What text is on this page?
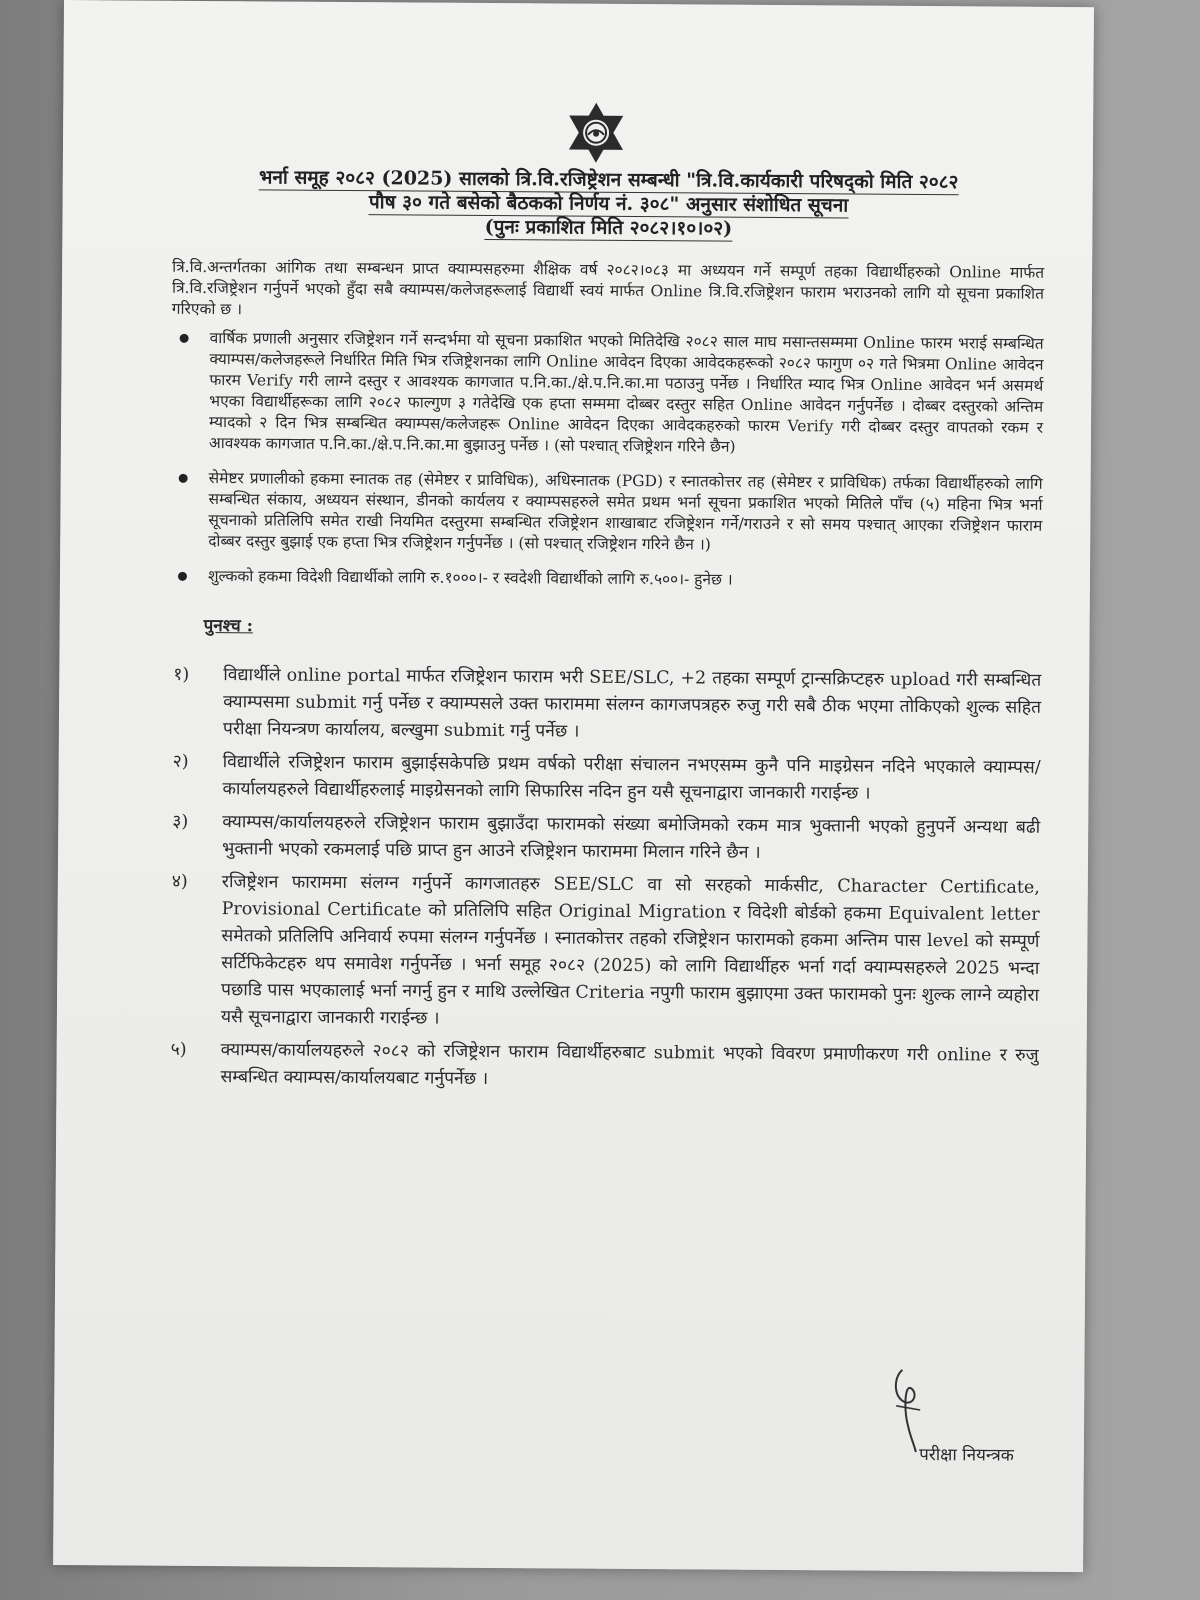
भर्ना समूह २०८२ (2025) सालको त्रि.वि.रजिष्ट्रेशन सम्बन्धी "त्रि.वि.कार्यकारी परिषद्को मिति २०८२
पौष ३० गते बसेको बैठकको निर्णय नं. ३०८" अनुसार संशोधित सूचना
(पुनः प्रकाशित मिति २०८२।१०।०२)
त्रि.वि.अन्तर्गतका आंगिक तथा सम्बन्धन प्राप्त क्याम्पसहरुमा शैक्षिक वर्ष २०८२।०८३ मा अध्ययन गर्ने सम्पूर्ण तहका विद्यार्थीहरुको Online मार्फत त्रि.वि.रजिष्ट्रेशन गर्नुपर्ने भएको हुँदा सबै क्याम्पस/कलेजहरूलाई विद्यार्थी स्वयं मार्फत Online त्रि.वि.रजिष्ट्रेशन फाराम भराउनको लागि यो सूचना प्रकाशित गरिएको छ ।
वार्षिक प्रणाली अनुसार रजिष्ट्रेशन गर्ने सन्दर्भमा यो सूचना प्रकाशित भएको मितिदेखि २०८२ साल माघ मसान्तसम्ममा Online फारम भराई सम्बन्धित क्याम्पस/कलेजहरूले निर्धारित मिति भित्र रजिष्ट्रेशनका लागि Online आवेदन दिएका आवेदकहरूको २०८२ फागुण ०२ गते भित्रमा Online आवेदन फारम Verify गरी लाग्ने दस्तुर र आवश्यक कागजात प.नि.का./क्षे.प.नि.का.मा पठाउनु पर्नेछ । निर्धारित म्याद भित्र Online आवेदन भर्न असमर्थ भएका विद्यार्थीहरूका लागि २०८२ फाल्गुण ३ गतेदेखि एक हप्ता सम्ममा दोब्बर दस्तुर सहित Online आवेदन गर्नुपर्नेछ । दोब्बर दस्तुरको अन्तिम म्यादको २ दिन भित्र सम्बन्धित क्याम्पस/कलेजहरू Online आवेदन दिएका आवेदकहरुको फारम Verify गरी दोब्बर दस्तुर वापतको रकम र आवश्यक कागजात प.नि.का./क्षे.प.नि.का.मा बुझाउनु पर्नेछ । (सो पश्चात् रजिष्ट्रेशन गरिने छैन)
सेमेष्टर प्रणालीको हकमा स्नातक तह (सेमेष्टर र प्राविधिक), अधिस्नातक (PGD) र स्नातकोत्तर तह (सेमेष्टर र प्राविधिक) तर्फका विद्यार्थीहरुको लागि सम्बन्धित संकाय, अध्ययन संस्थान, डीनको कार्यलय र क्याम्पसहरुले समेत प्रथम भर्ना सूचना प्रकाशित भएको मितिले पाँच (५) महिना भित्र भर्ना सूचनाको प्रतिलिपि समेत राखी नियमित दस्तुरमा सम्बन्धित रजिष्ट्रेशन शाखाबाट रजिष्ट्रेशन गर्ने/गराउने र सो समय पश्चात् आएका रजिष्ट्रेशन फाराम दोब्बर दस्तुर बुझाई एक हप्ता भित्र रजिष्ट्रेशन गर्नुपर्नेछ । (सो पश्चात् रजिष्ट्रेशन गरिने छैन ।)
शुल्कको हकमा विदेशी विद्यार्थीको लागि रु.१०००।- र स्वदेशी विद्यार्थीको लागि रु.५००।- हुनेछ ।
पुनश्च :
१) विद्यार्थीले online portal मार्फत रजिष्ट्रेशन फाराम भरी SEE/SLC, +2 तहका सम्पूर्ण ट्रान्सक्रिप्टहरु upload गरी सम्बन्धित क्याम्पसमा submit गर्नु पर्नेछ र क्याम्पसले उक्त फाराममा संलग्न कागजपत्रहरु रुजु गरी सबै ठीक भएमा तोकिएको शुल्क सहित परीक्षा नियन्त्रण कार्यालय, बल्खुमा submit गर्नु पर्नेछ ।
२) विद्यार्थीले रजिष्ट्रेशन फाराम बुझाईसकेपछि प्रथम वर्षको परीक्षा संचालन नभएसम्म कुनै पनि माइग्रेसन नदिने भएकाले क्याम्पस/कार्यालयहरुले विद्यार्थीहरुलाई माइग्रेसनको लागि सिफारिस नदिन हुन यसै सूचनाद्वारा जानकारी गराईन्छ ।
३) क्याम्पस/कार्यालयहरुले रजिष्ट्रेशन फाराम बुझाउँदा फारामको संख्या बमोजिमको रकम मात्र भुक्तानी भएको हुनुपर्ने अन्यथा बढी भुक्तानी भएको रकमलाई पछि प्राप्त हुन आउने रजिष्ट्रेशन फाराममा मिलान गरिने छैन ।
४) रजिष्ट्रेशन फाराममा संलग्न गर्नुपर्ने कागजातहरु SEE/SLC वा सो सरहको मार्कसीट, Character Certificate, Provisional Certificate को प्रतिलिपि सहित Original Migration र विदेशी बोर्डको हकमा Equivalent letter समेतको प्रतिलिपि अनिवार्य रुपमा संलग्न गर्नुपर्नेछ । स्नातकोत्तर तहको रजिष्ट्रेशन फारामको हकमा अन्तिम पास level को सम्पूर्ण सर्टिफिकेटहरु थप समावेश गर्नुपर्नेछ । भर्ना समूह २०८२ (2025) को लागि विद्यार्थीहरु भर्ना गर्दा क्याम्पसहरुले 2025 भन्दा पछाडि पास भएकालाई भर्ना नगर्नु हुन र माथि उल्लेखित Criteria नपुगी फाराम बुझाएमा उक्त फारामको पुनः शुल्क लाग्ने व्यहोरा यसै सूचनाद्वारा जानकारी गराईन्छ ।
५) क्याम्पस/कार्यालयहरुले २०८२ को रजिष्ट्रेशन फाराम विद्यार्थीहरुबाट submit भएको विवरण प्रमाणीकरण गरी online र रुजु सम्बन्धित क्याम्पस/कार्यालयबाट गर्नुपर्नेछ ।
परीक्षा नियन्त्रक
